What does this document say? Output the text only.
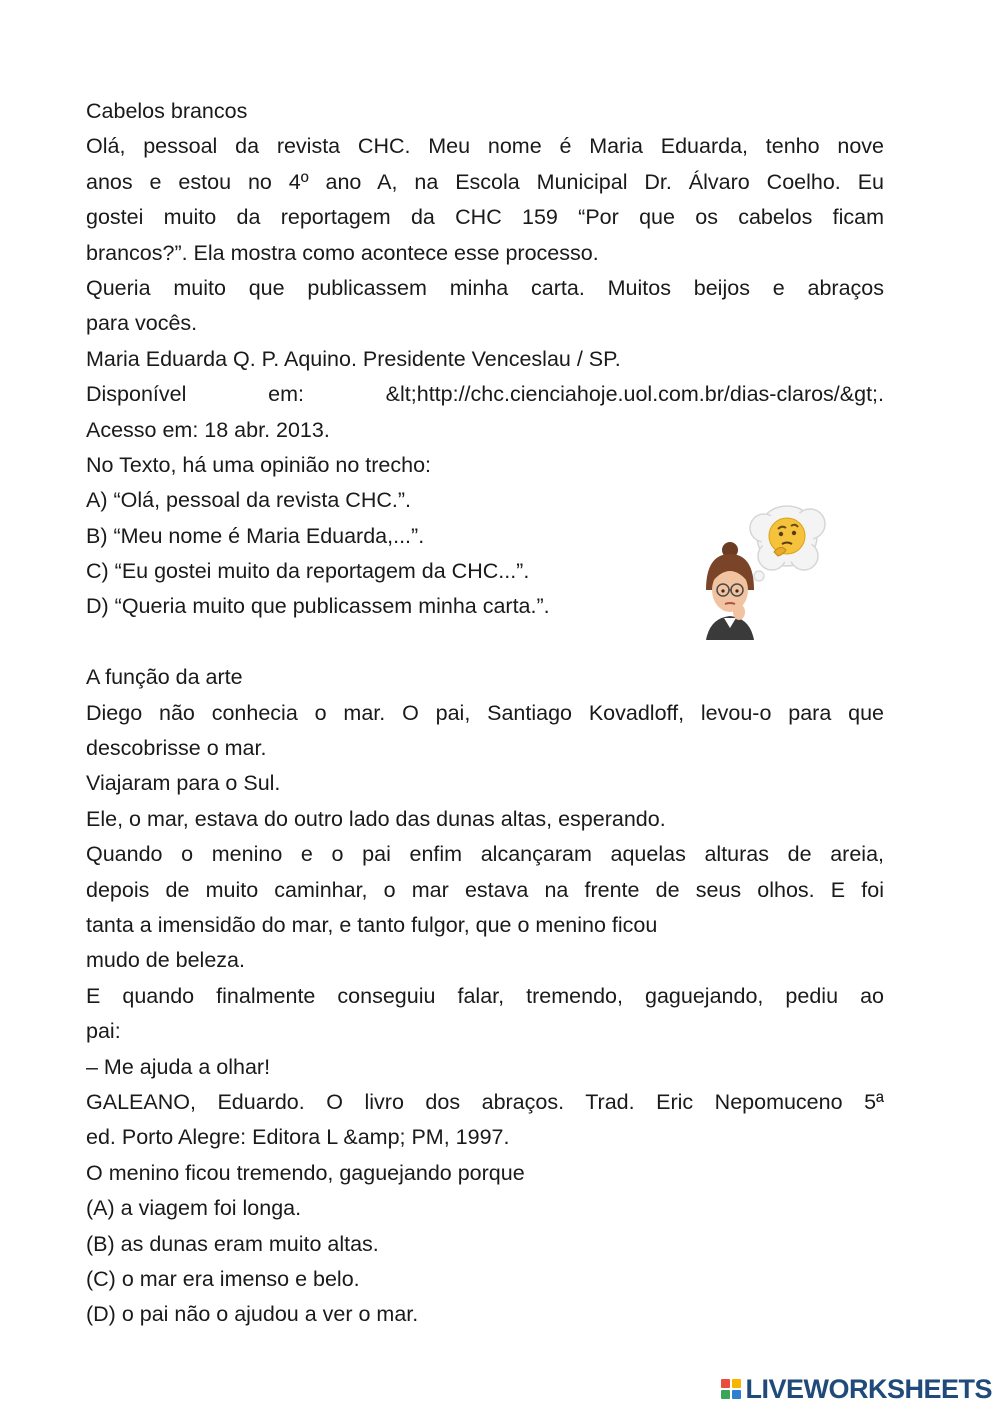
Cabelos brancos
Olá, pessoal da revista CHC. Meu nome é Maria Eduarda, tenho nove
anos e estou no 4º ano A, na Escola Municipal Dr. Álvaro Coelho. Eu
gostei muito da reportagem da CHC 159 “Por que os cabelos ficam
brancos?”. Ela mostra como acontece esse processo.
Queria muito que publicassem minha carta. Muitos beijos e abraços
para vocês.
Maria Eduarda Q. P. Aquino. Presidente Venceslau / SP.
Disponível em: &lt;http://chc.cienciahoje.uol.com.br/dias-claros/&gt;.
Acesso em: 18 abr. 2013.
No Texto, há uma opinião no trecho:
A) “Olá, pessoal da revista CHC.”.
B) “Meu nome é Maria Eduarda,...”.
C) “Eu gostei muito da reportagem da CHC...”.
D) “Queria muito que publicassem minha carta.”.
A função da arte
Diego não conhecia o mar. O pai, Santiago Kovadloff, levou-o para que
descobrisse o mar.
Viajaram para o Sul.
Ele, o mar, estava do outro lado das dunas altas, esperando.
Quando o menino e o pai enfim alcançaram aquelas alturas de areia,
depois de muito caminhar, o mar estava na frente de seus olhos. E foi
tanta a imensidão do mar, e tanto fulgor, que o menino ficou
mudo de beleza.
E quando finalmente conseguiu falar, tremendo, gaguejando, pediu ao
pai:
– Me ajuda a olhar!
GALEANO, Eduardo. O livro dos abraços. Trad. Eric Nepomuceno 5ª
ed. Porto Alegre: Editora L &amp; PM, 1997.
O menino ficou tremendo, gaguejando porque
(A) a viagem foi longa.
(B) as dunas eram muito altas.
(C) o mar era imenso e belo.
(D) o pai não o ajudou a ver o mar.
LIVEWORKSHEETS
